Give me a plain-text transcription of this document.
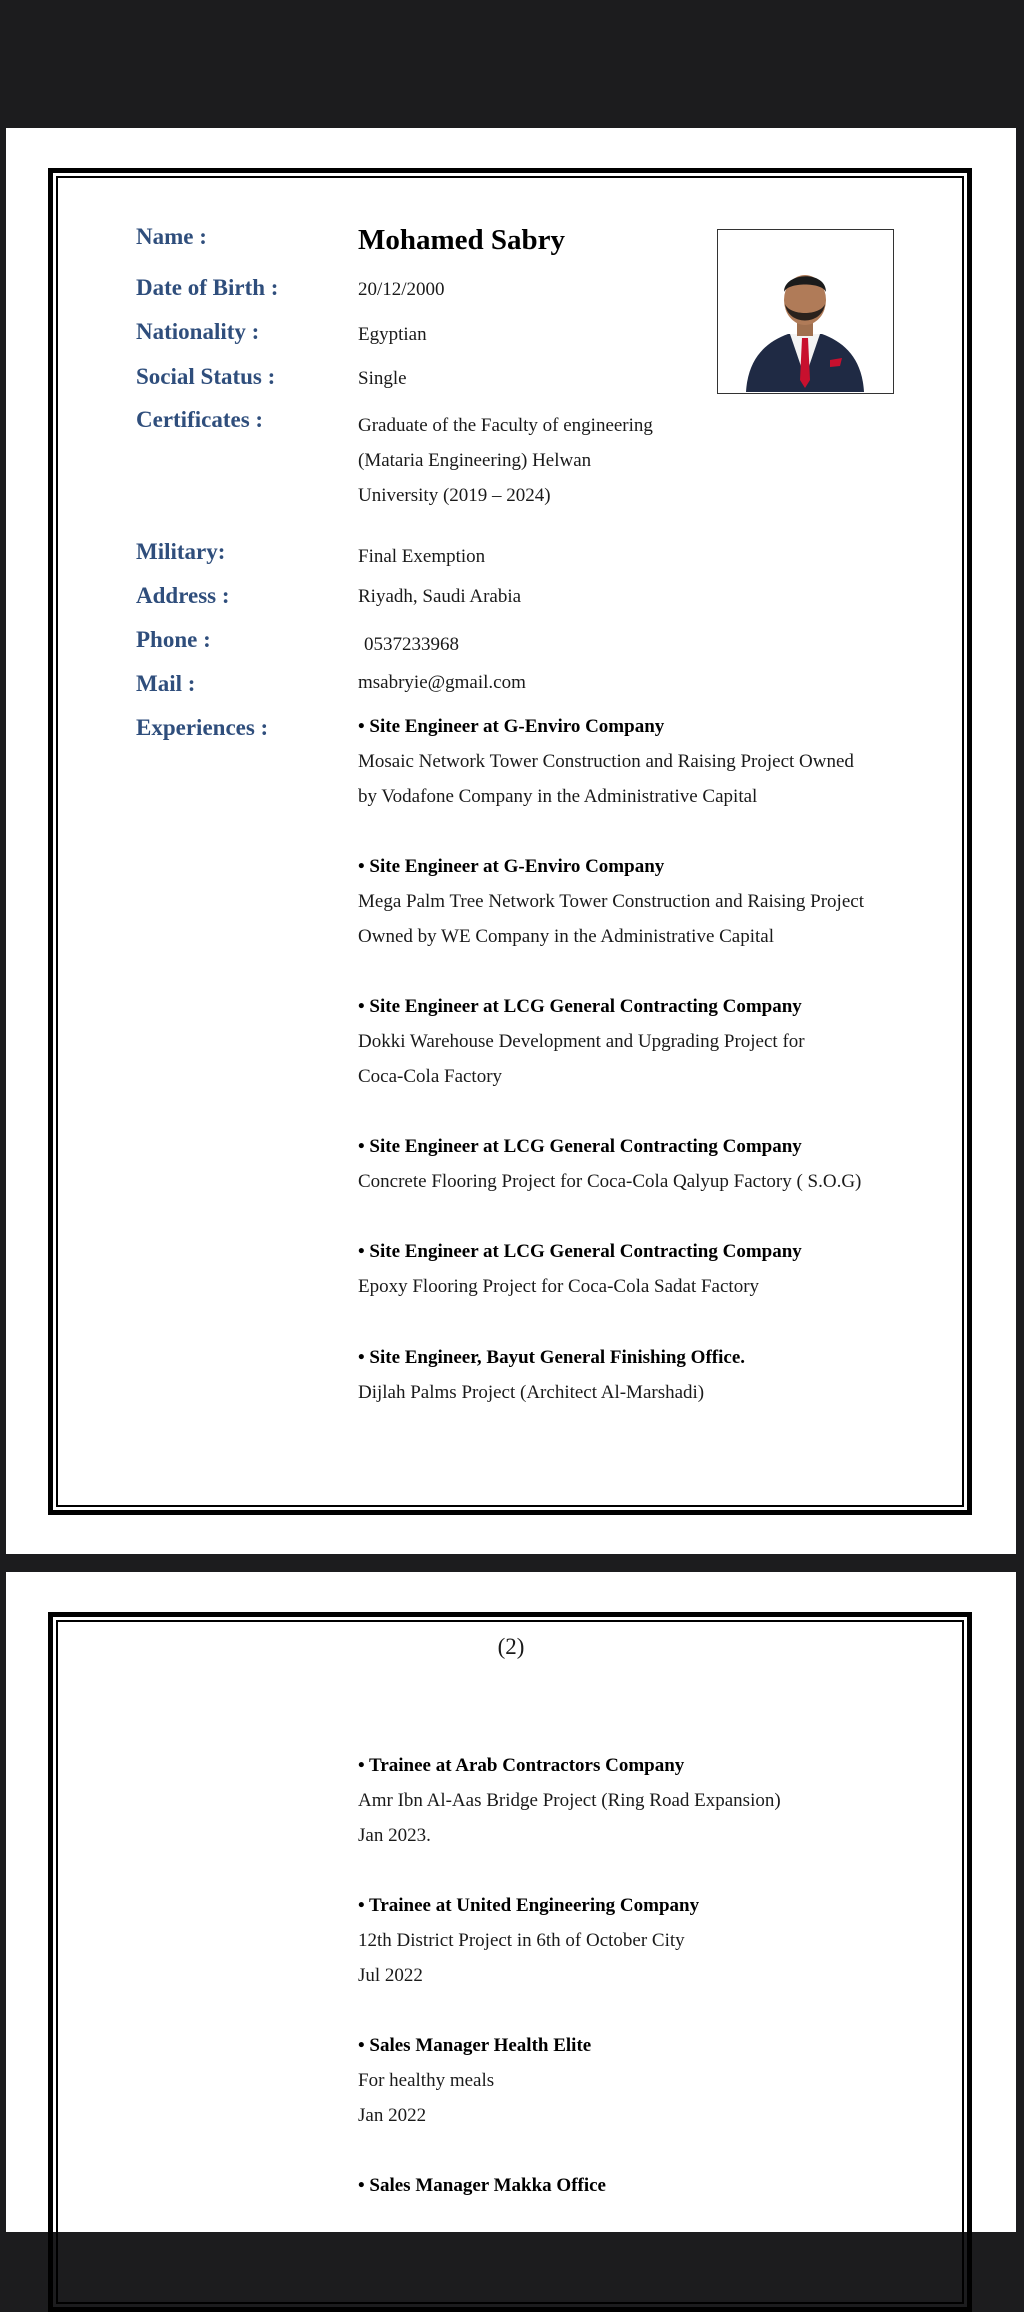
Name :	Mohamed Sabry
Date of Birth :	20/12/2000
Nationality :	Egyptian
Social Status :	Single
Certificates :	Graduate of the Faculty of engineering
(Mataria Engineering) Helwan
University (2019 – 2024)
Military:	Final Exemption
Address :	Riyadh, Saudi Arabia
Phone :	0537233968
Mail :	msabryie@gmail.com
Experiences :	• Site Engineer at G-Enviro Company
Mosaic Network Tower Construction and Raising Project Owned
by Vodafone Company in the Administrative Capital
• Site Engineer at G-Enviro Company
Mega Palm Tree Network Tower Construction and Raising Project
Owned by WE Company in the Administrative Capital
• Site Engineer at LCG General Contracting Company
Dokki Warehouse Development and Upgrading Project for
Coca-Cola Factory
• Site Engineer at LCG General Contracting Company
Concrete Flooring Project for Coca-Cola Qalyup Factory ( S.O.G)
• Site Engineer at LCG General Contracting Company
Epoxy Flooring Project for Coca-Cola Sadat Factory
• Site Engineer, Bayut General Finishing Office.
Dijlah Palms Project (Architect Al-Marshadi)
(2)
• Trainee at Arab Contractors Company
Amr Ibn Al-Aas Bridge Project (Ring Road Expansion)
Jan 2023.
• Trainee at United Engineering Company
12th District Project in 6th of October City
Jul 2022
• Sales Manager Health Elite
For healthy meals
Jan 2022
• Sales Manager Makka Office
